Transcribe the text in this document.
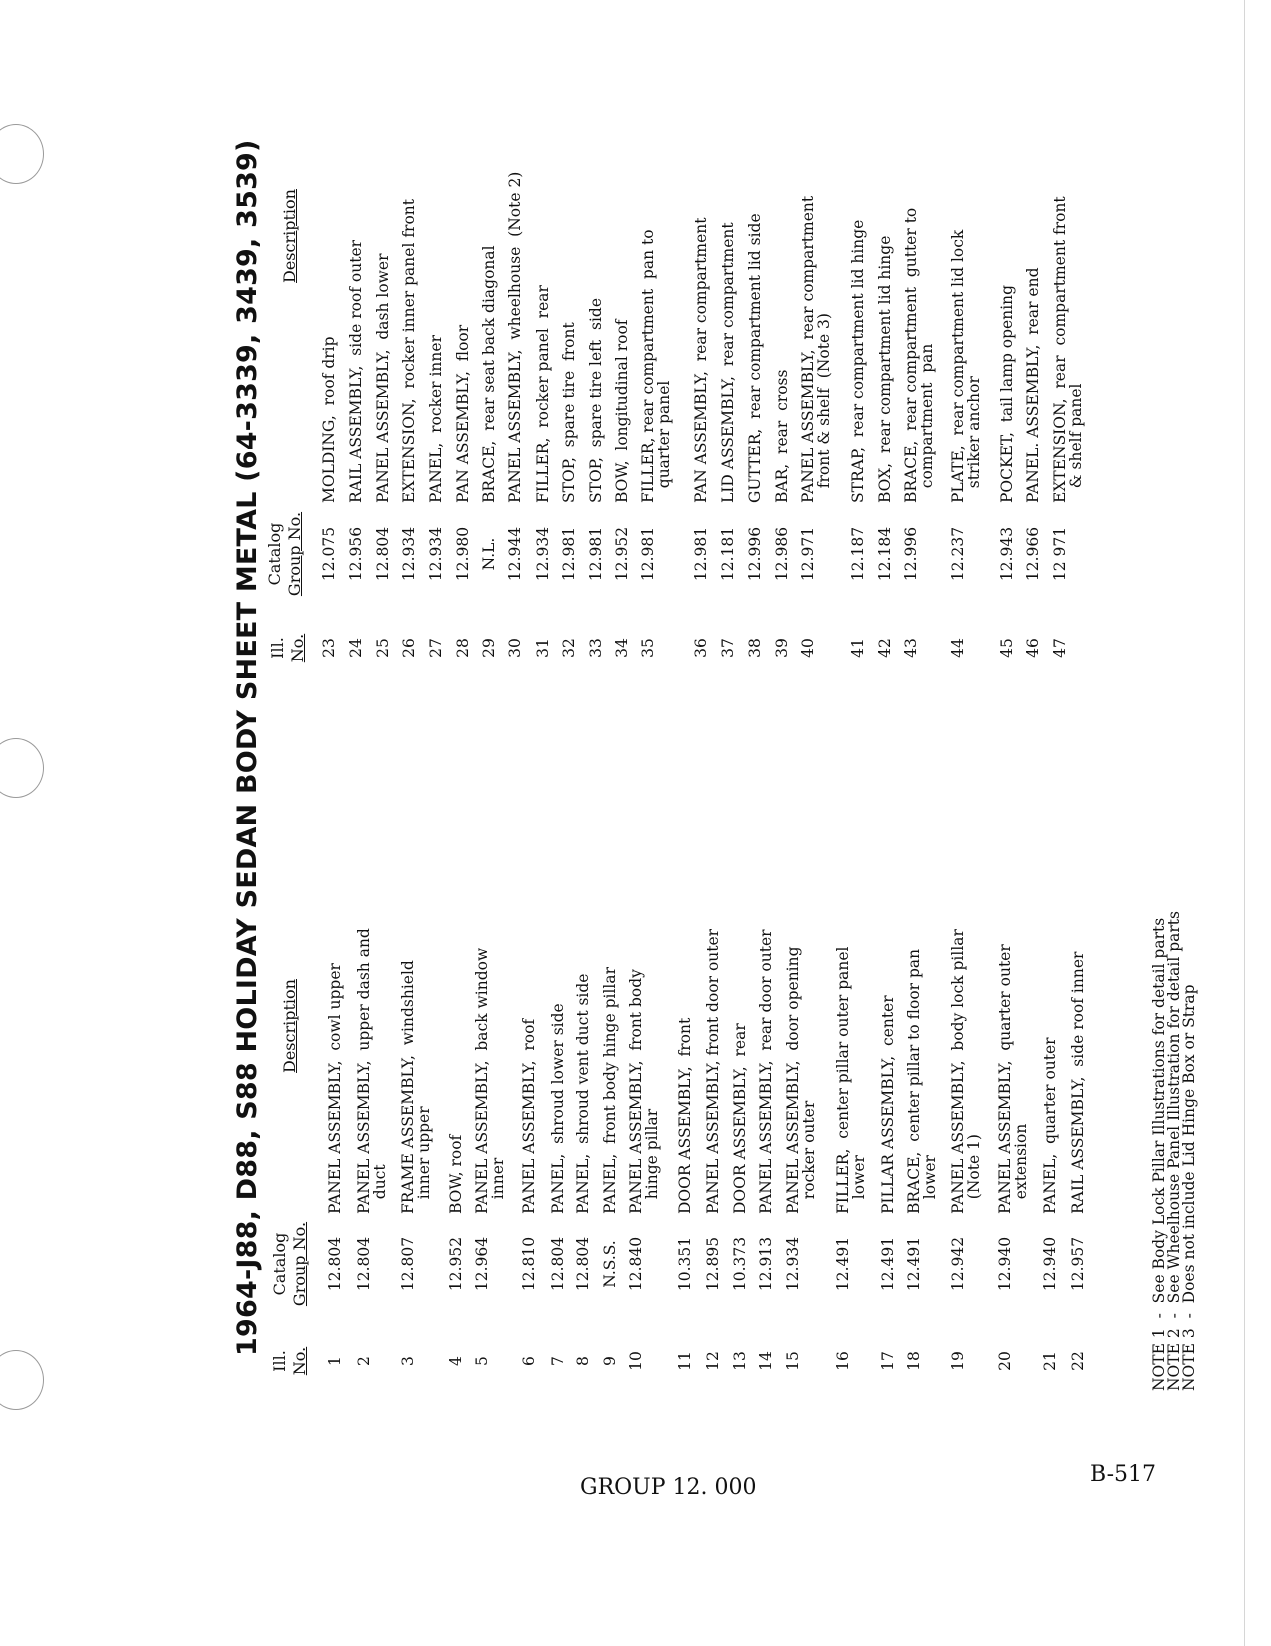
1964-J88, D88, S88 HOLIDAY SEDAN BODY SHEET METAL (64-3339, 3439, 3539)
Ill. No.
Catalog Group No.
Description
Ill. No.
Catalog Group No.
Description
1
12.804
PANEL ASSEMBLY,  cowl upper
2
12.804
PANEL ASSEMBLY,  upper dash and
duct
3
12.807
FRAME ASSEMBLY,  windshield
inner upper
4
12.952
BOW, roof
5
12.964
PANEL ASSEMBLY,  back window
inner
6
12.810
PANEL ASSEMBLY,  roof
7
12.804
PANEL,  shroud lower side
8
12.804
PANEL,  shroud vent duct side
9
N.S.S.
PANEL,  front body hinge pillar
10
12.840
PANEL ASSEMBLY,  front body
hinge pillar
11
10.351
DOOR ASSEMBLY,  front
12
12.895
PANEL ASSEMBLY, front door outer
13
10.373
DOOR ASSEMBLY,  rear
14
12.913
PANEL ASSEMBLY,  rear door outer
15
12.934
PANEL ASSEMBLY,  door opening
rocker outer
16
12.491
FILLER,  center pillar outer panel
lower
17
12.491
PILLAR ASSEMBLY,  center
18
12.491
BRACE,  center pillar to floor pan
lower
19
12.942
PANEL ASSEMBLY,  body lock pillar
(Note 1)
20
12.940
PANEL ASSEMBLY,  quarter outer
extension
21
12.940
PANEL,  quarter outer
22
12.957
RAIL ASSEMBLY,  side roof inner
23
12.075
MOLDING,  roof drip
24
12.956
RAIL ASSEMBLY,  side roof outer
25
12.804
PANEL ASSEMBLY,  dash lower
26
12.934
EXTENSION,  rocker inner panel front
27
12.934
PANEL,  rocker inner
28
12.980
PAN ASSEMBLY,  floor
29
N.L.
BRACE,  rear seat back diagonal
30
12.944
PANEL ASSEMBLY,  wheelhouse  (Note 2)
31
12.934
FILLER,  rocker panel  rear
32
12.981
STOP,  spare tire  front
33
12.981
STOP,  spare tire left  side
34
12.952
BOW,  longitudinal roof
35
12.981
FILLER, rear compartment  pan to
quarter panel
36
12.981
PAN ASSEMBLY,  rear compartment
37
12.181
LID ASSEMBLY,  rear compartment
38
12.996
GUTTER,  rear compartment lid side
39
12.986
BAR,  rear  cross
40
12.971
PANEL ASSEMBLY,  rear compartment
front & shelf  (Note 3)
41
12.187
STRAP,  rear compartment lid hinge
42
12.184
BOX,  rear compartment lid hinge
43
12.996
BRACE,  rear compartment  gutter to
compartment  pan
44
12.237
PLATE,  rear compartment lid lock
striker anchor
45
12.943
POCKET,  tail lamp opening
46
12.966
PANEL. ASSEMBLY,  rear end
47
12 971
EXTENSION,  rear  compartment front
& shelf panel
NOTE 1  -  See Body Lock Pillar Illustrations for detail parts
NOTE 2  -  See Wheelhouse Panel Illustration for detail parts
NOTE 3  -  Does not include Lid Hinge Box or Strap
GROUP 12. 000
B-517
